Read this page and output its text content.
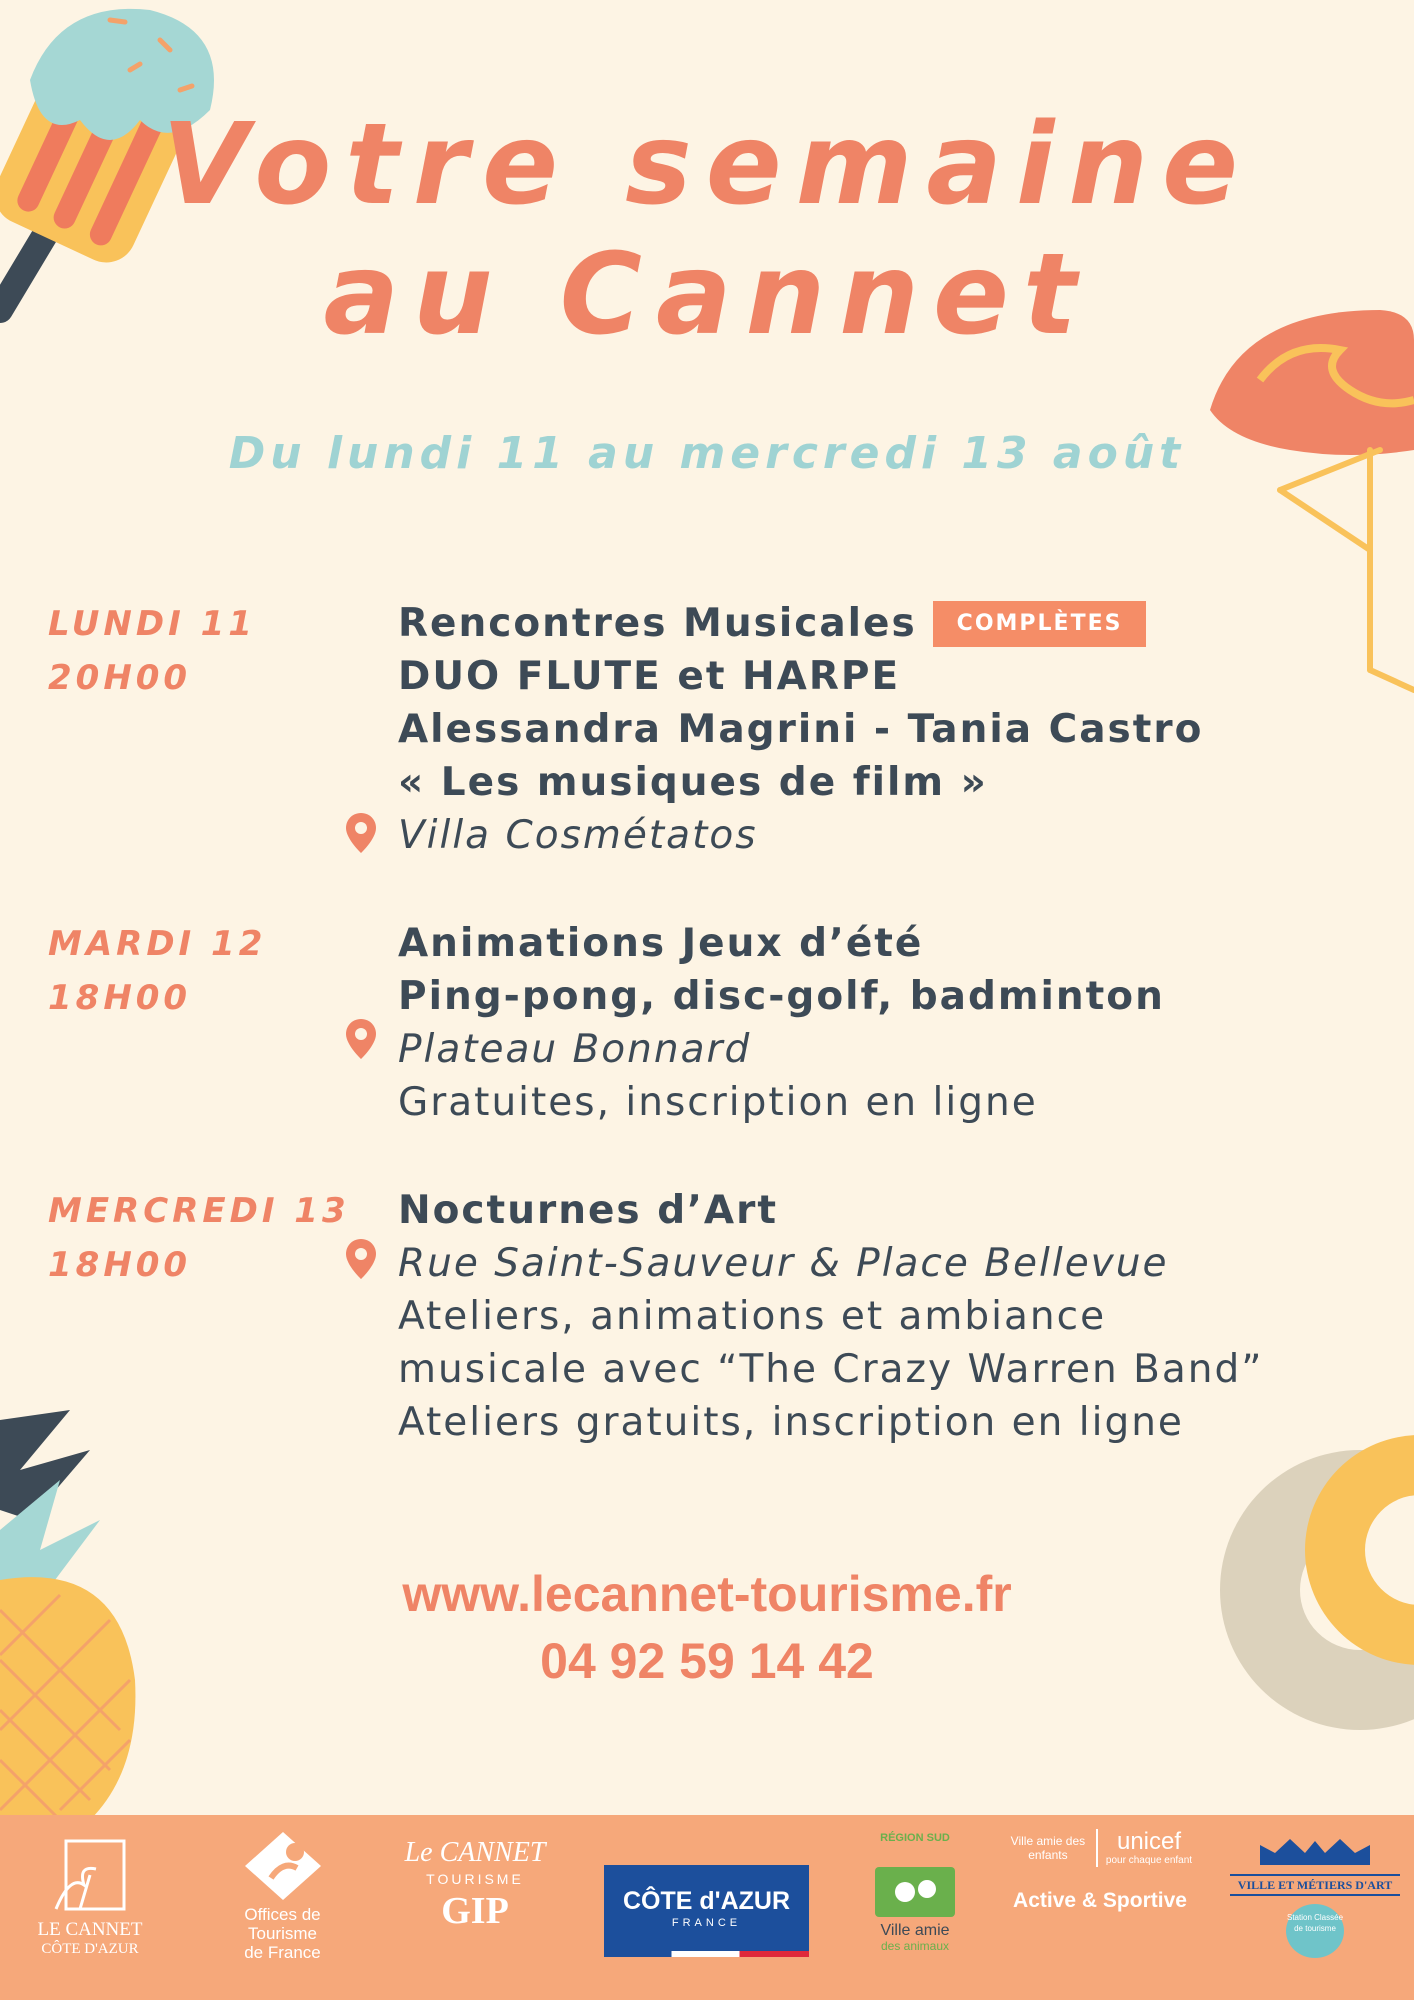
Votre semaine
au Cannet
Du lundi 11 au mercredi 13 août
LUNDI 11
20H00
Rencontres Musicales COMPLÈTES
DUO FLUTE et HARPE
Alessandra Magrini - Tania Castro
« Les musiques de film »
Villa Cosmétatos
MARDI 12
18H00
Animations Jeux d’été
Ping-pong, disc-golf, badminton
Plateau Bonnard
Gratuites, inscription en ligne
MERCREDI 13
18H00
Nocturnes d’Art
Rue Saint-Sauveur & Place Bellevue
Ateliers, animations et ambiance
musicale avec “The Crazy Warren Band”
Ateliers gratuits, inscription en ligne
www.lecannet-tourisme.fr
04 92 59 14 42
LE CANNET
CÔTE D'AZUR
Offices de
Tourisme
de France
Le CANNET
TOURISME
GIP	CÔTE d'AZUR
FRANCE
RÉGION SUD
Ville amie
des animaux
Ville amie des enfants	unicef
pour chaque enfant
Active & Sportive
VILLE ET MÉTIERS D'ART
Station Classée de tourisme
